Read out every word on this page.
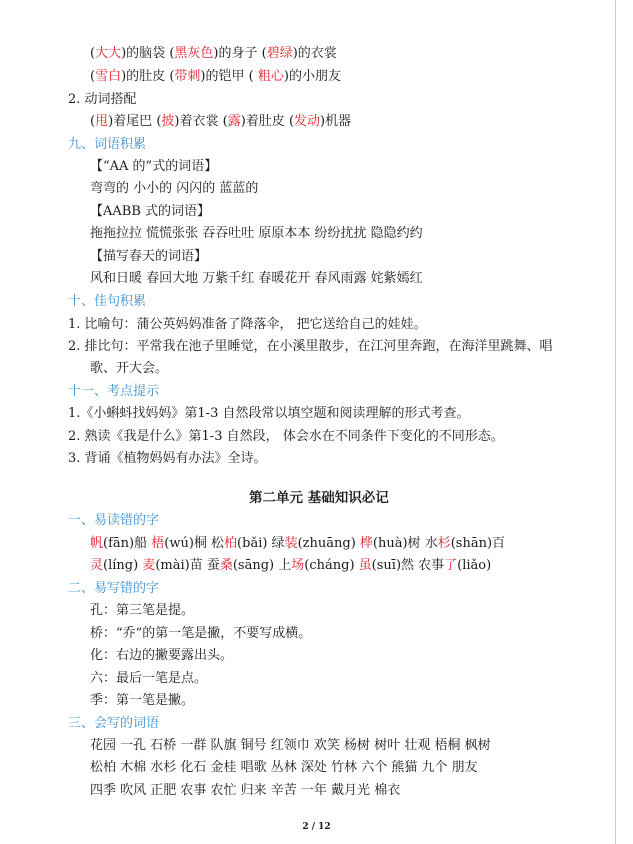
(大大)的脑袋 (黑灰色)的身子 (碧绿)的衣裳
(雪白)的肚皮 (带刺)的铠甲 ( 粗心)的小朋友
2. 动词搭配
(甩)着尾巴 (披)着衣裳 (露)着肚皮 (发动)机器
九、词语积累
【“AA 的”式的词语】
弯弯的 小小的 闪闪的 蓝蓝的
【AABB 式的词语】
拖拖拉拉 慌慌张张 吞吞吐吐 原原本本 纷纷扰扰 隐隐约约
【描写春天的词语】
风和日暖 春回大地 万紫千红 春暖花开 春风雨露 姹紫嫣红
十、佳句积累
1. 比喻句：蒲公英妈妈准备了降落伞， 把它送给自己的娃娃。
2. 排比句：平常我在池子里睡觉，在小溪里散步，在江河里奔跑，在海洋里跳舞、唱
歌、开大会。
十一、考点提示
1.《小蝌蚪找妈妈》第1-3 自然段常以填空题和阅读理解的形式考查。
2. 熟读《我是什么》第1-3 自然段， 体会水在不同条件下变化的不同形态。
3. 背诵《植物妈妈有办法》全诗。
第二单元 基础知识必记
一、易读错的字
帆(fān)船 梧(wú)桐 松柏(bǎi) 绿装(zhuāng) 桦(huà)树 水杉(shān)百
灵(líng) 麦(mài)苗 蚕桑(sāng) 上场(cháng) 虽(suī)然 农事了(liǎo)
二、易写错的字
孔：第三笔是提。
桥：“乔”的第一笔是撇，不要写成横。
化：右边的撇要露出头。
六：最后一笔是点。
季：第一笔是撇。
三、会写的词语
花园 一孔 石桥 一群 队旗 铜号 红领巾 欢笑 杨树 树叶 壮观 梧桐 枫树
松柏 木棉 水杉 化石 金桂 唱歌 丛林 深处 竹林 六个 熊猫 九个 朋友
四季 吹风 正肥 农事 农忙 归来 辛苦 一年 戴月光 棉衣
2 / 12
